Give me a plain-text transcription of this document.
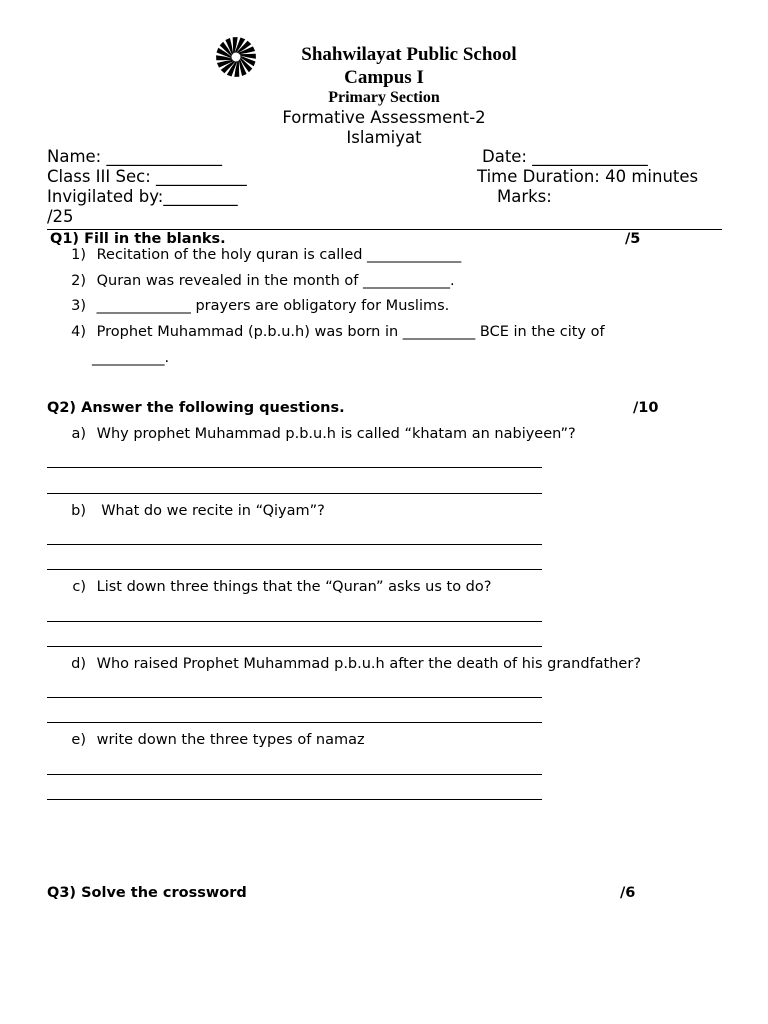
Shahwilayat Public School
Campus I
Primary Section
Formative Assessment-2
Islamiyat
Name: ______________	Date: ______________
Class III Sec: ___________	Time Duration: 40 minutes
Invigilated by:_________	Marks:
/25
Q1) Fill in the blanks.	/5
1) Recitation of the holy quran is called _____________
2) Quran was revealed in the month of ____________.
3) _____________ prayers are obligatory for Muslims.
4) Prophet Muhammad (p.b.u.h) was born in __________ BCE in the city of
__________.
Q2) Answer the following questions.	/10
a) Why prophet Muhammad p.b.u.h is called “khatam an nabiyeen”?
b)  What do we recite in “Qiyam”?
c) List down three things that the “Quran” asks us to do?
d) Who raised Prophet Muhammad p.b.u.h after the death of his grandfather?
e) write down the three types of namaz
Q3) Solve the crossword	/6
